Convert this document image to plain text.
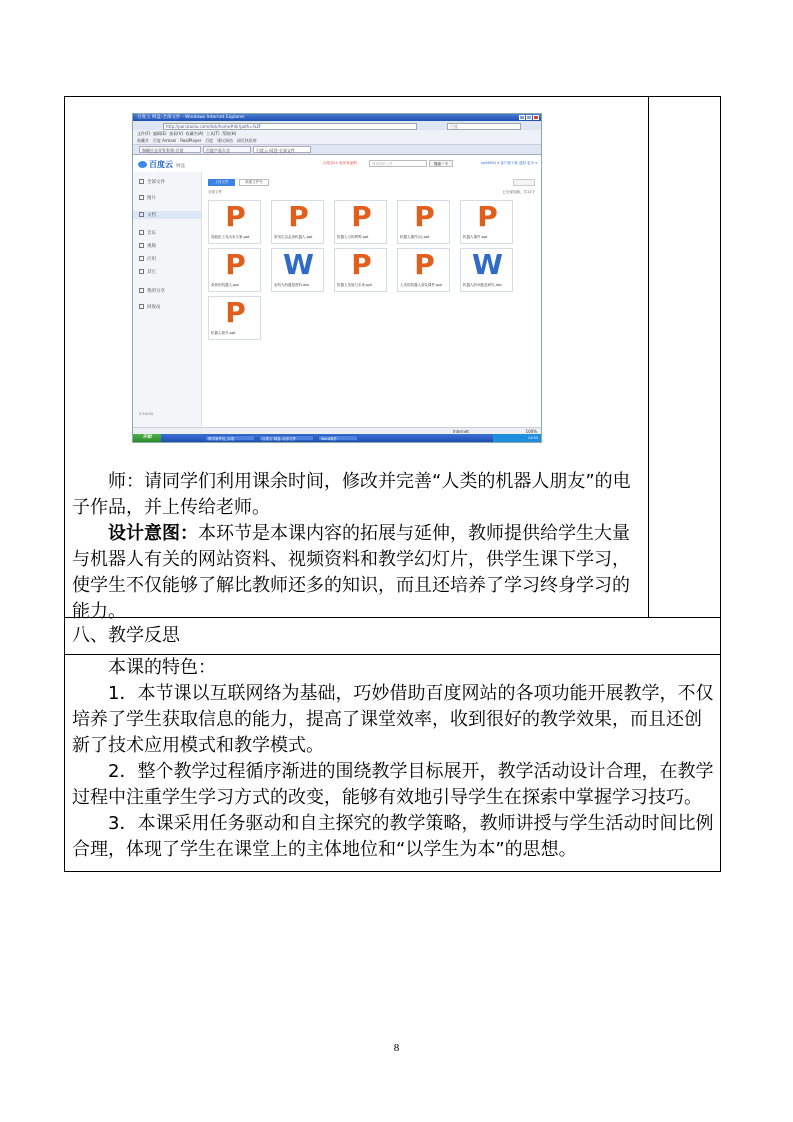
百度云 网盘-全部文件 - Windows Internet Explorer
http://pan.baidu.com/disk/home#dir/path=%2F	百度
文件(F) 编辑(E) 查看(V) 收藏夹(A) 工具(T) 帮助(H)
收藏夹 百度 Armani RealPlayer 百度 建议网站 网页快讯库
和硬应去开发有领-百度	百度产品大全	百度云 网盘-全部文件
百度云 网盘
百度双11·装房有福利	搜索您的文件	搜索一下	xp98091 ▾ 客户端下载 通知 更多 ▾
全部文件
图片
文档
音乐
视频
应用
其它
我的分享
回收站
0.5G/5G
上传文件	新建文件夹
全部文件	已全部加载，共11个
P
智能化工具出来方案.ppt
P
常用生活必须机器人.ppt
P
机器人与的利弊.ppt
P
机器人课件(1).ppt
P
机器人课件.ppt
P
奇妙的机器人.ppt
W
室机为机器是资料.doc
P
机器人发展与未来.ppt
P
人类的机器人朋友课件.ppt
W
机器人的问题及研究.doc
P
机器人简介.ppt
Internet	100%
开始	教学案件包_百度	百度云 网盘-全部文件	Word课件	14:53

师：请同学们利用课余时间，修改并完善“人类的机器人朋友”的电子作品，并上传给老师。

设计意图：本环节是本课内容的拓展与延伸，教师提供给学生大量与机器人有关的网站资料、视频资料和教学幻灯片，供学生课下学习，使学生不仅能够了解比教师还多的知识，而且还培养了学习终身学习的能力。

八、教学反思

本课的特色：

1．本节课以互联网络为基础，巧妙借助百度网站的各项功能开展教学，不仅培养了学生获取信息的能力，提高了课堂效率，收到很好的教学效果，而且还创新了技术应用模式和教学模式。

2．整个教学过程循序渐进的围绕教学目标展开，教学活动设计合理，在教学过程中注重学生学习方式的改变，能够有效地引导学生在探索中掌握学习技巧。

3．本课采用任务驱动和自主探究的教学策略，教师讲授与学生活动时间比例合理，体现了学生在课堂上的主体地位和“以学生为本”的思想。

8
